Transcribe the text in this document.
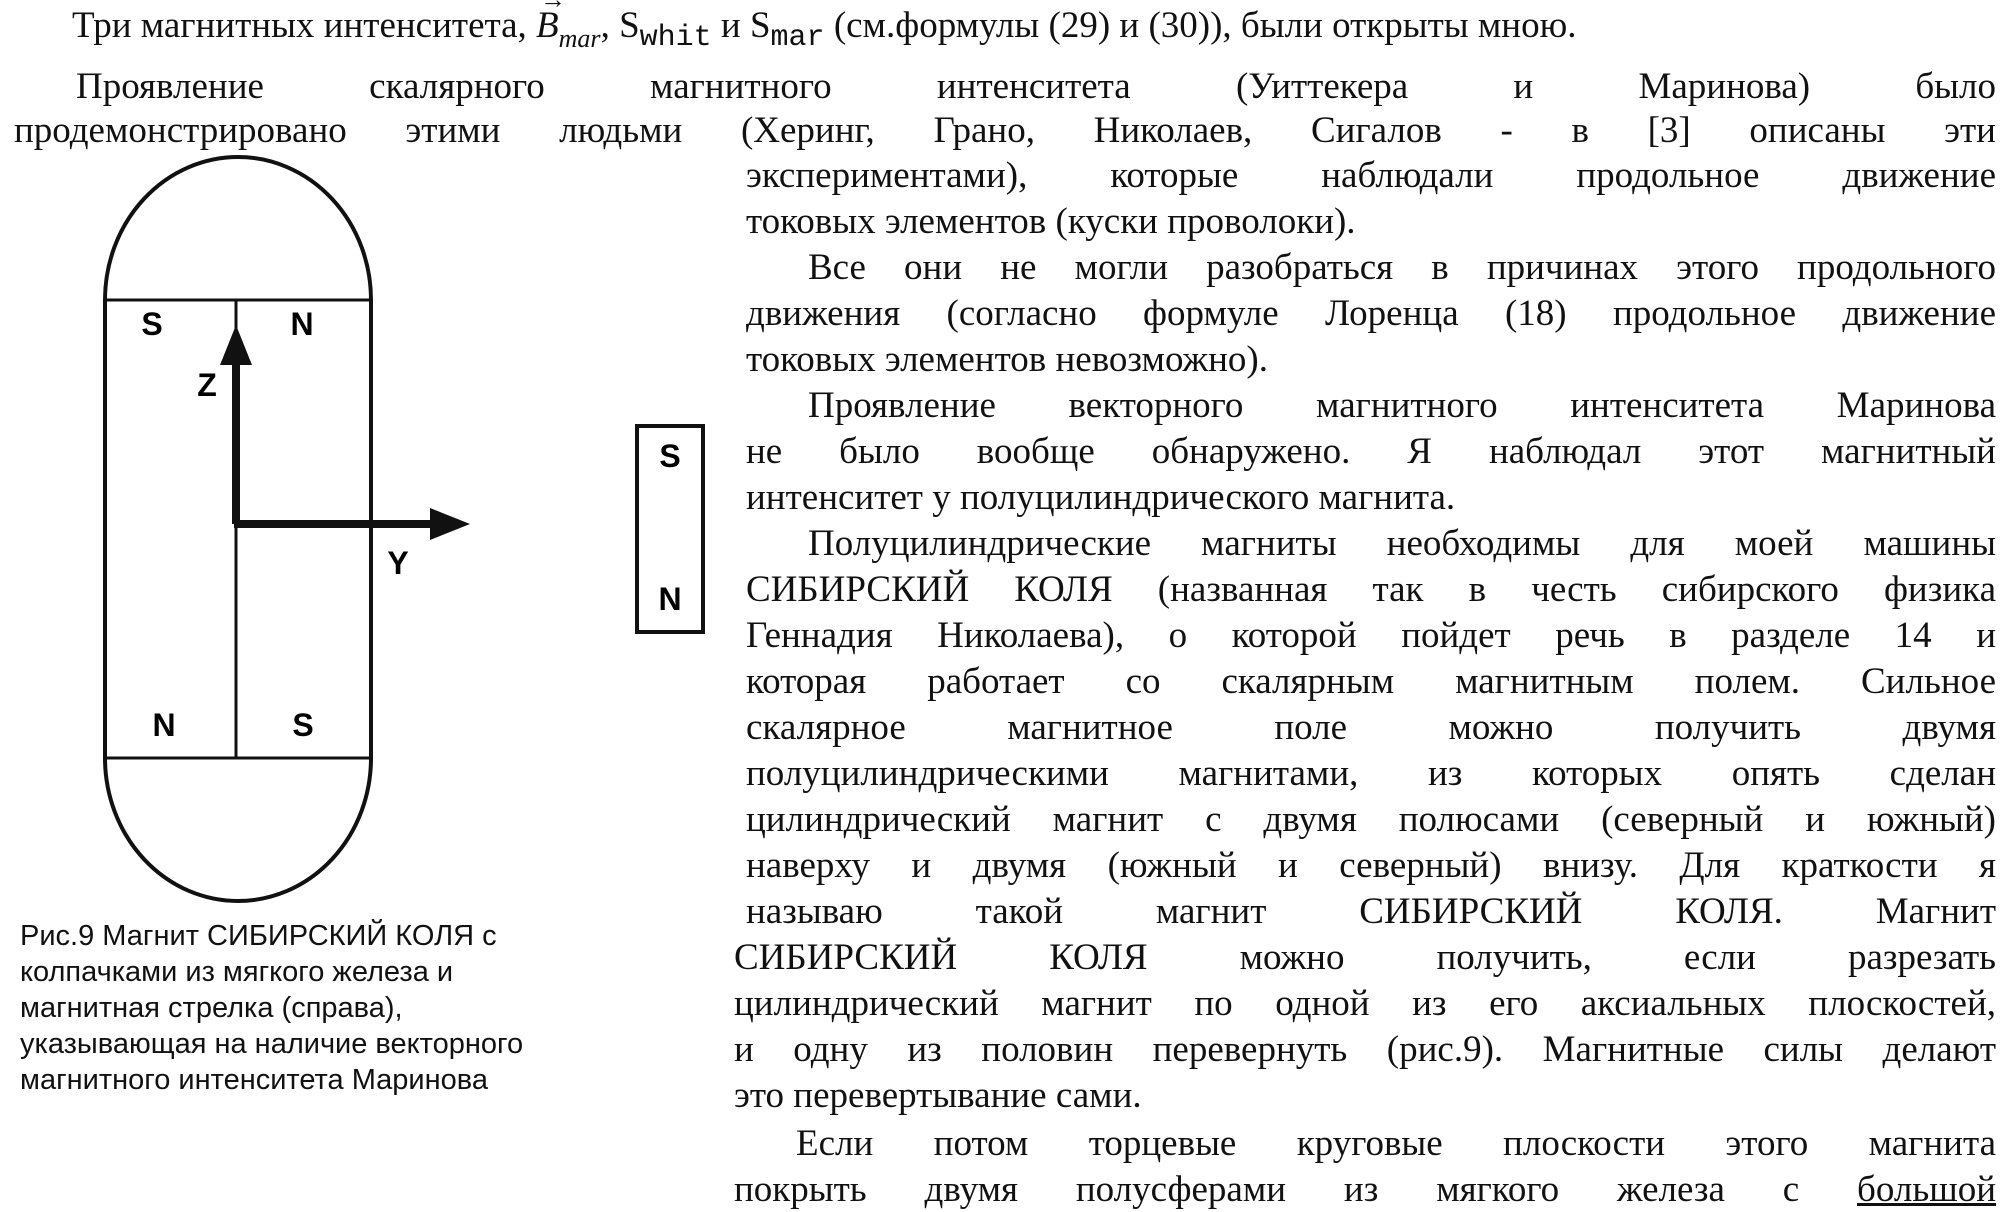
Три магнитных интенситета, → $B_{mar}$, $S_{whit}$ и $S_{mar}$ (см.формулы (29) и (30)), были открыты мною.
Проявление скалярного магнитного интенситета (Уиттекера и Маринова) было
продемонстрировано этими людьми (Херинг, Грано, Николаев, Сигалов - в [3] описаны эти
экспериментами), которые наблюдали продольное движение
токовых элементов (куски проволоки).
Все они не могли разобраться в причинах этого продольного
движения (согласно формуле Лоренца (18) продольное движение
токовых элементов невозможно).
Проявление векторного магнитного интенситета Маринова
не было вообще обнаружено. Я наблюдал этот магнитный
интенситет у полуцилиндрического магнита.
Полуцилиндрические магниты необходимы для моей машины
СИБИРСКИЙ КОЛЯ (названная так в честь сибирского физика
Геннадия Николаева), о которой пойдет речь в разделе 14 и
которая работает со скалярным магнитным полем. Сильное
скалярное магнитное поле можно получить двумя
полуцилиндрическими магнитами, из которых опять сделан
цилиндрический магнит с двумя полюсами (северный и южный)
наверху и двумя (южный и северный) внизу. Для краткости я
называю такой магнит СИБИРСКИЙ КОЛЯ. Магнит
СИБИРСКИЙ КОЛЯ можно получить, если разрезать
цилиндрический магнит по одной из его аксиальных плоскостей,
и одну из половин перевернуть (рис.9). Магнитные силы делают
это перевертывание сами.
Если потом торцевые круговые плоскости этого магнита
покрыть двумя полусферами из мягкого железа с большой
S	N
N	S
Z
Y
S
N
Рис.9 Магнит СИБИРСКИЙ КОЛЯ с
колпачками из мягкого железа и
магнитная стрелка (справа),
указывающая на наличие векторного
магнитного интенситета Маринова
